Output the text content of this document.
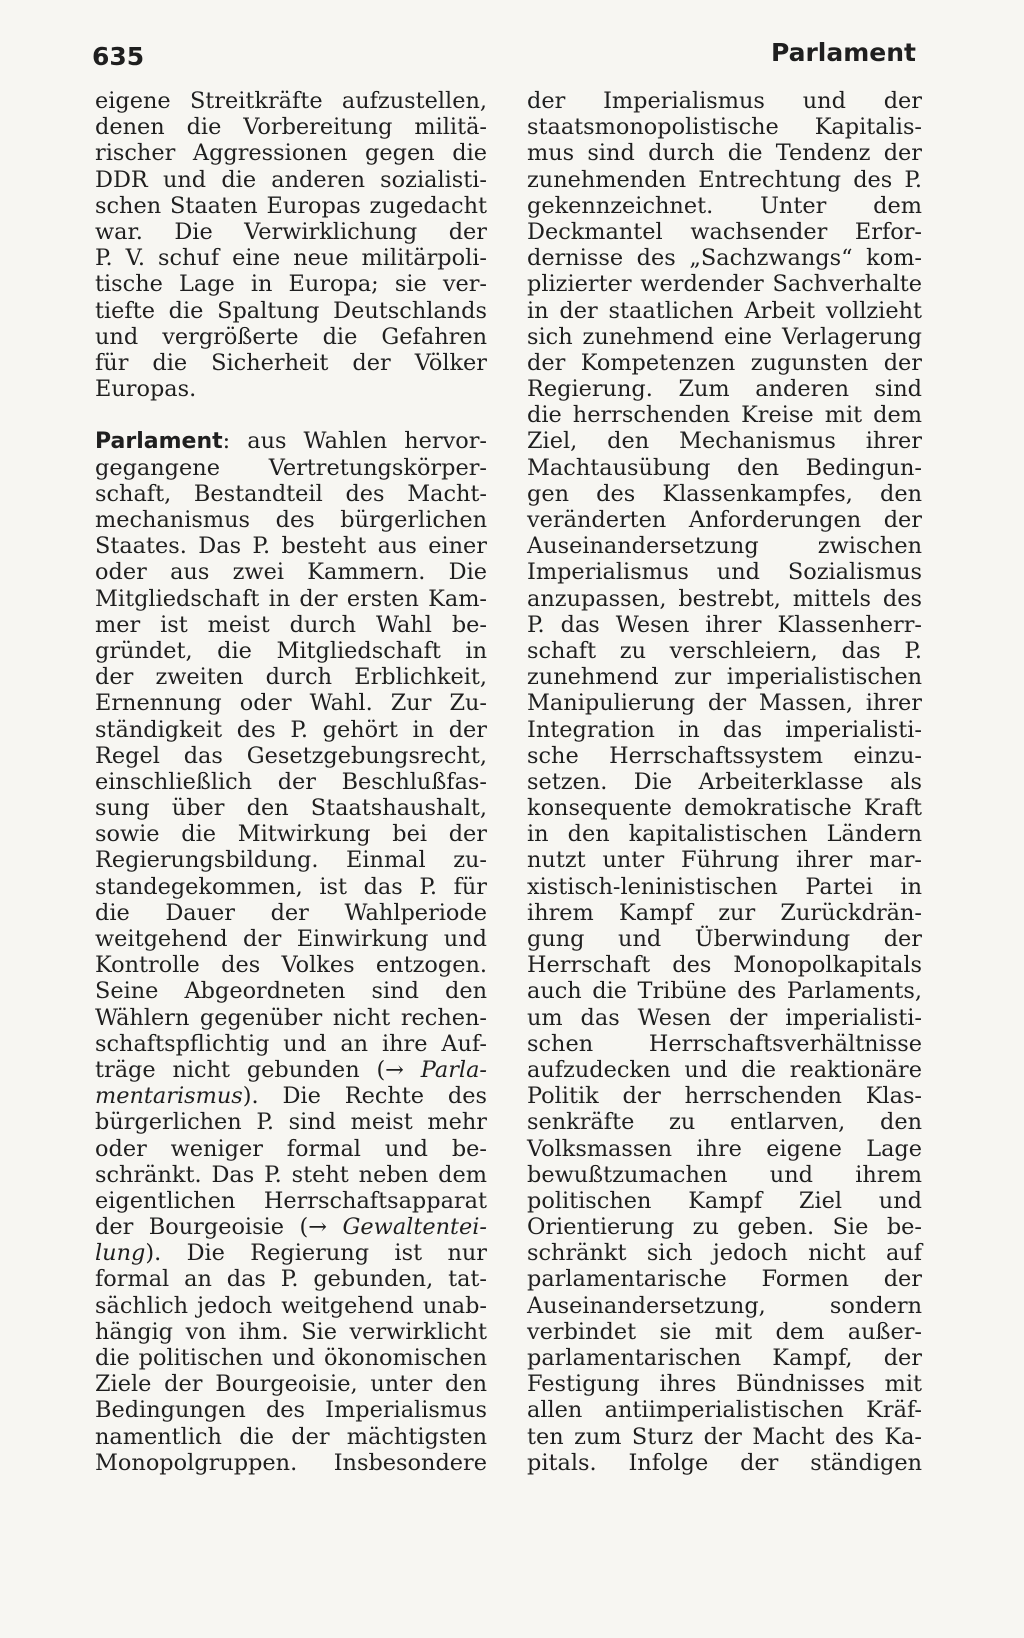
635	Parlament
eigene Streitkräfte aufzustellen,
denen die Vorbereitung militä-
rischer Aggressionen gegen die
DDR und die anderen sozialisti-
schen Staaten Europas zugedacht
war. Die Verwirklichung der
P. V. schuf eine neue militärpoli-
tische Lage in Europa; sie ver-
tiefte die Spaltung Deutschlands
und vergrößerte die Gefahren
für die Sicherheit der Völker
Europas.
Parlament: aus Wahlen hervor-
gegangene Vertretungskörper-
schaft, Bestandteil des Macht-
mechanismus des bürgerlichen
Staates. Das P. besteht aus einer
oder aus zwei Kammern. Die
Mitgliedschaft in der ersten Kam-
mer ist meist durch Wahl be-
gründet, die Mitgliedschaft in
der zweiten durch Erblichkeit,
Ernennung oder Wahl. Zur Zu-
ständigkeit des P. gehört in der
Regel das Gesetzgebungsrecht,
einschließlich der Beschlußfas-
sung über den Staatshaushalt,
sowie die Mitwirkung bei der
Regierungsbildung. Einmal zu-
standegekommen, ist das P. für
die Dauer der Wahlperiode
weitgehend der Einwirkung und
Kontrolle des Volkes entzogen.
Seine Abgeordneten sind den
Wählern gegenüber nicht rechen-
schaftspflichtig und an ihre Auf-
träge nicht gebunden (→ Parla-
mentarismus). Die Rechte des
bürgerlichen P. sind meist mehr
oder weniger formal und be-
schränkt. Das P. steht neben dem
eigentlichen Herrschaftsapparat
der Bourgeoisie (→ Gewaltentei-
lung). Die Regierung ist nur
formal an das P. gebunden, tat-
sächlich jedoch weitgehend unab-
hängig von ihm. Sie verwirklicht
die politischen und ökonomischen
Ziele der Bourgeoisie, unter den
Bedingungen des Imperialismus
namentlich die der mächtigsten
Monopolgruppen. Insbesondere
der Imperialismus und der
staatsmonopolistische Kapitalis-
mus sind durch die Tendenz der
zunehmenden Entrechtung des P.
gekennzeichnet. Unter dem
Deckmantel wachsender Erfor-
dernisse des „Sachzwangs“ kom-
plizierter werdender Sachverhalte
in der staatlichen Arbeit vollzieht
sich zunehmend eine Verlagerung
der Kompetenzen zugunsten der
Regierung. Zum anderen sind
die herrschenden Kreise mit dem
Ziel, den Mechanismus ihrer
Machtausübung den Bedingun-
gen des Klassenkampfes, den
veränderten Anforderungen der
Auseinandersetzung zwischen
Imperialismus und Sozialismus
anzupassen, bestrebt, mittels des
P. das Wesen ihrer Klassenherr-
schaft zu verschleiern, das P.
zunehmend zur imperialistischen
Manipulierung der Massen, ihrer
Integration in das imperialisti-
sche Herrschaftssystem einzu-
setzen. Die Arbeiterklasse als
konsequente demokratische Kraft
in den kapitalistischen Ländern
nutzt unter Führung ihrer mar-
xistisch-leninistischen Partei in
ihrem Kampf zur Zurückdrän-
gung und Überwindung der
Herrschaft des Monopolkapitals
auch die Tribüne des Parlaments,
um das Wesen der imperialisti-
schen Herrschaftsverhältnisse
aufzudecken und die reaktionäre
Politik der herrschenden Klas-
senkräfte zu entlarven, den
Volksmassen ihre eigene Lage
bewußtzumachen und ihrem
politischen Kampf Ziel und
Orientierung zu geben. Sie be-
schränkt sich jedoch nicht auf
parlamentarische Formen der
Auseinandersetzung, sondern
verbindet sie mit dem außer-
parlamentarischen Kampf, der
Festigung ihres Bündnisses mit
allen antiimperialistischen Kräf-
ten zum Sturz der Macht des Ka-
pitals. Infolge der ständigen
